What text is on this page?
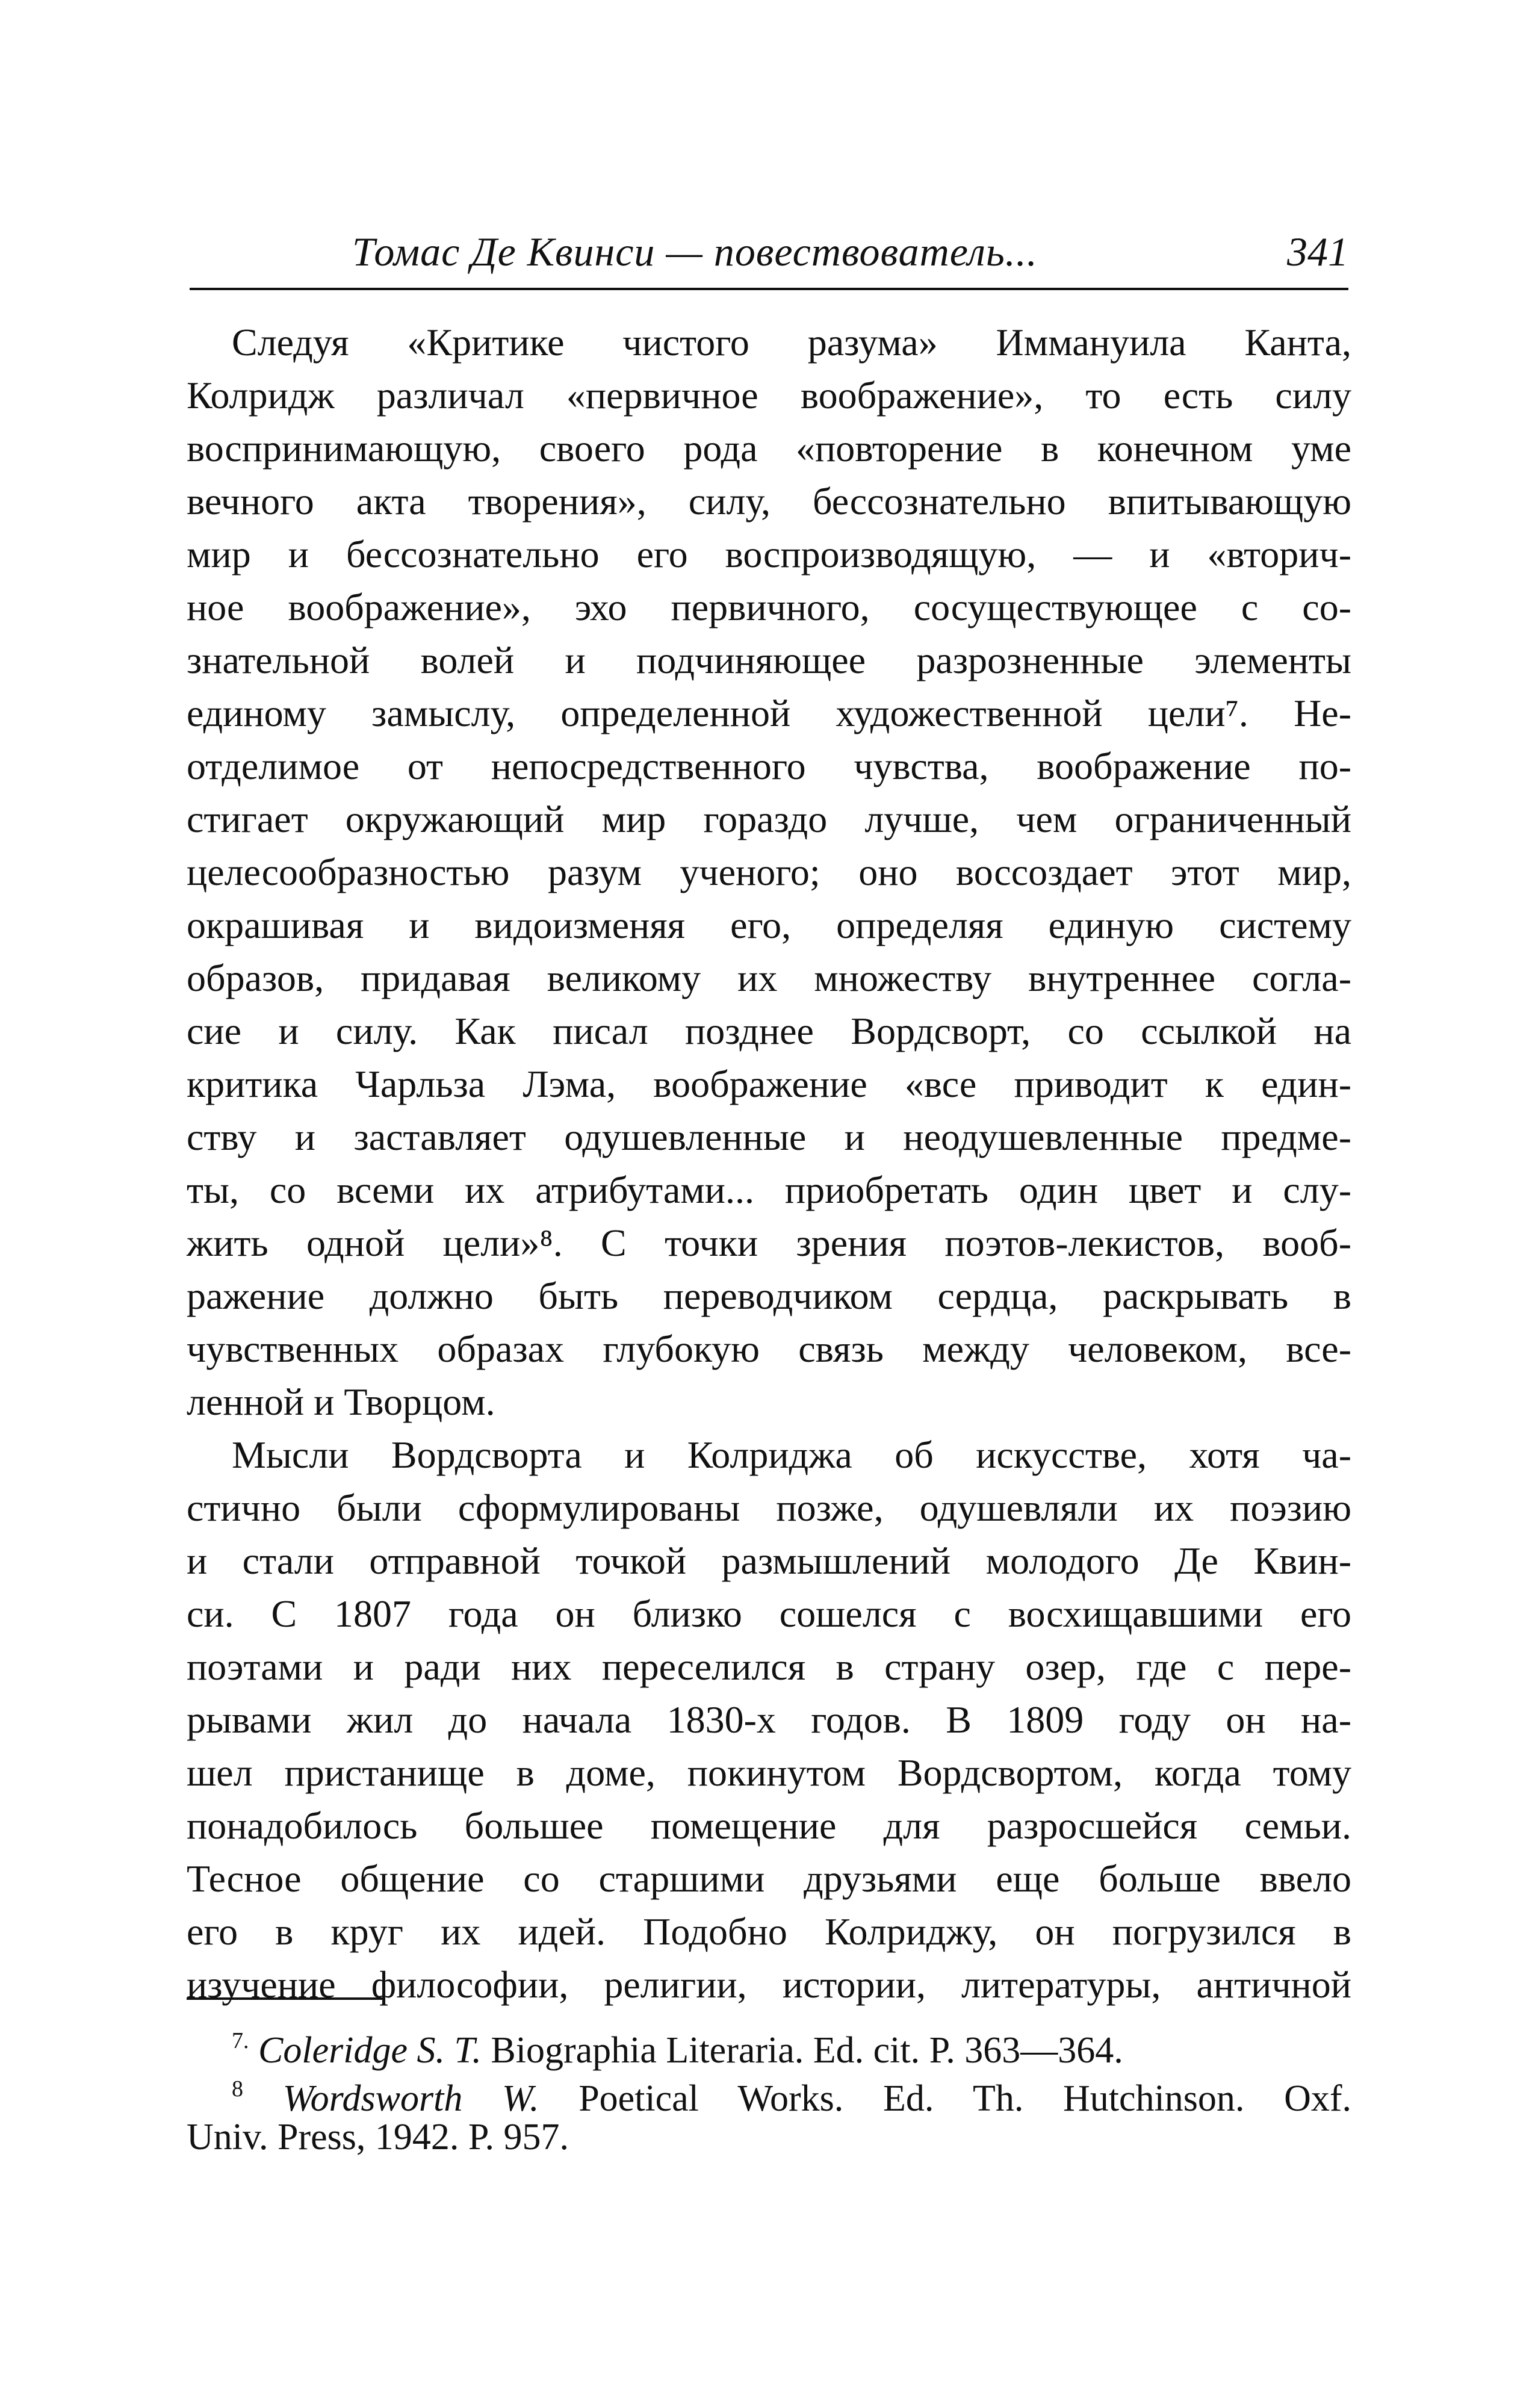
Томас Де Квинси — повествователь...	341
Следуя «Критике чистого разума» Иммануила Канта,
Колридж различал «первичное воображение», то есть силу
воспринимающую, своего рода «повторение в конечном уме
вечного акта творения», силу, бессознательно впитывающую
мир и бессознательно его воспроизводящую, — и «вторич-
ное воображение», эхо первичного, сосуществующее с со-
знательной волей и подчиняющее разрозненные элементы
единому замыслу, определенной художественной цели⁷. Не-
отделимое от непосредственного чувства, воображение по-
стигает окружающий мир гораздо лучше, чем ограниченный
целесообразностью разум ученого; оно воссоздает этот мир,
окрашивая и видоизменяя его, определяя единую систему
образов, придавая великому их множеству внутреннее согла-
сие и силу. Как писал позднее Вордсворт, со ссылкой на
критика Чарльза Лэма, воображение «все приводит к един-
ству и заставляет одушевленные и неодушевленные предме-
ты, со всеми их атрибутами... приобретать один цвет и слу-
жить одной цели»⁸. С точки зрения поэтов-лекистов, вооб-
ражение должно быть переводчиком сердца, раскрывать в
чувственных образах глубокую связь между человеком, все-
ленной и Творцом.
Мысли Вордсворта и Колриджа об искусстве, хотя ча-
стично были сформулированы позже, одушевляли их поэзию
и стали отправной точкой размышлений молодого Де Квин-
си. С 1807 года он близко сошелся с восхищавшими его
поэтами и ради них переселился в страну озер, где с пере-
рывами жил до начала 1830-х годов. В 1809 году он на-
шел пристанище в доме, покинутом Вордсвортом, когда тому
понадобилось большее помещение для разросшейся семьи.
Тесное общение со старшими друзьями еще больше ввело
его в круг их идей. Подобно Колриджу, он погрузился в
изучение философии, религии, истории, литературы, античной
$^{7.}$ Coleridge S. T. Biographia Literaria. Ed. cit. P. 363—364.
$^8$ Wordsworth W. Poetical Works. Ed. Th. Hutchinson. Oxf.
Univ. Press, 1942. P. 957.
